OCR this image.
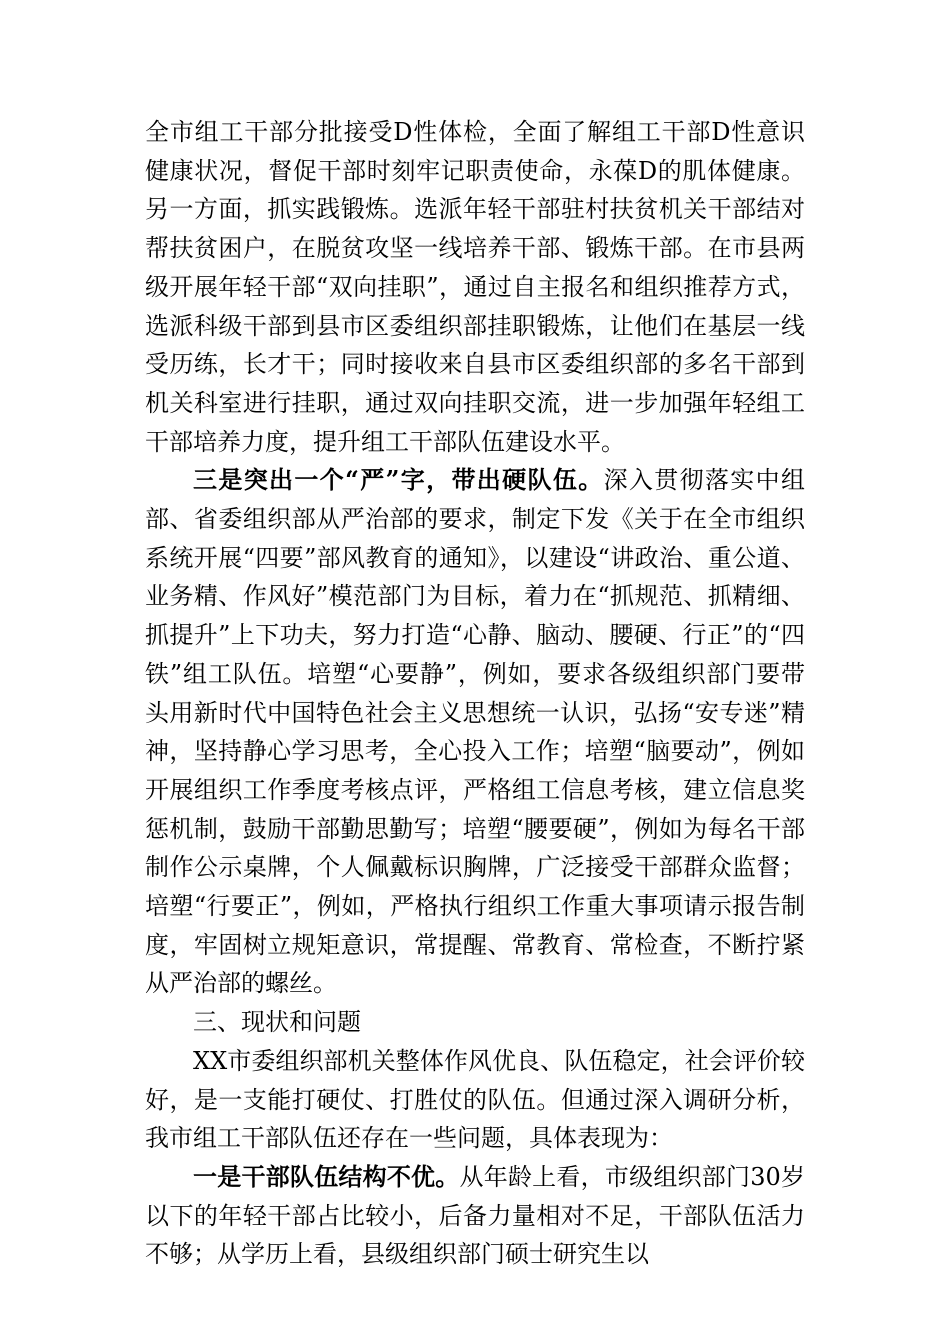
全市组工干部分批接受D性体检，全面了解组工干部D性意识健康状况，督促干部时刻牢记职责使命，永葆D的肌体健康。另一方面，抓实践锻炼。选派年轻干部驻村扶贫机关干部结对帮扶贫困户，在脱贫攻坚一线培养干部、锻炼干部。在市县两级开展年轻干部“双向挂职”，通过自主报名和组织推荐方式，选派科级干部到县市区委组织部挂职锻炼，让他们在基层一线受历练，长才干；同时接收来自县市区委组织部的多名干部到机关科室进行挂职，通过双向挂职交流，进一步加强年轻组工干部培养力度，提升组工干部队伍建设水平。

三是突出一个“严”字，带出硬队伍。深入贯彻落实中组部、省委组织部从严治部的要求，制定下发《关于在全市组织系统开展“四要”部风教育的通知》，以建设“讲政治、重公道、业务精、作风好”模范部门为目标，着力在“抓规范、抓精细、抓提升”上下功夫，努力打造“心静、脑动、腰硬、行正”的“四铁”组工队伍。培塑“心要静”，例如，要求各级组织部门要带头用新时代中国特色社会主义思想统一认识，弘扬“安专迷”精神，坚持静心学习思考，全心投入工作；培塑“脑要动”，例如开展组织工作季度考核点评，严格组工信息考核，建立信息奖惩机制，鼓励干部勤思勤写；培塑“腰要硬”，例如为每名干部制作公示桌牌，个人佩戴标识胸牌，广泛接受干部群众监督；培塑“行要正”，例如，严格执行组织工作重大事项请示报告制度，牢固树立规矩意识，常提醒、常教育、常检查，不断拧紧从严治部的螺丝。

三、现状和问题

XX市委组织部机关整体作风优良、队伍稳定，社会评价较好，是一支能打硬仗、打胜仗的队伍。但通过深入调研分析，我市组工干部队伍还存在一些问题，具体表现为：

一是干部队伍结构不优。从年龄上看，市级组织部门30岁以下的年轻干部占比较小，后备力量相对不足，干部队伍活力不够；从学历上看，县级组织部门硕士研究生以
